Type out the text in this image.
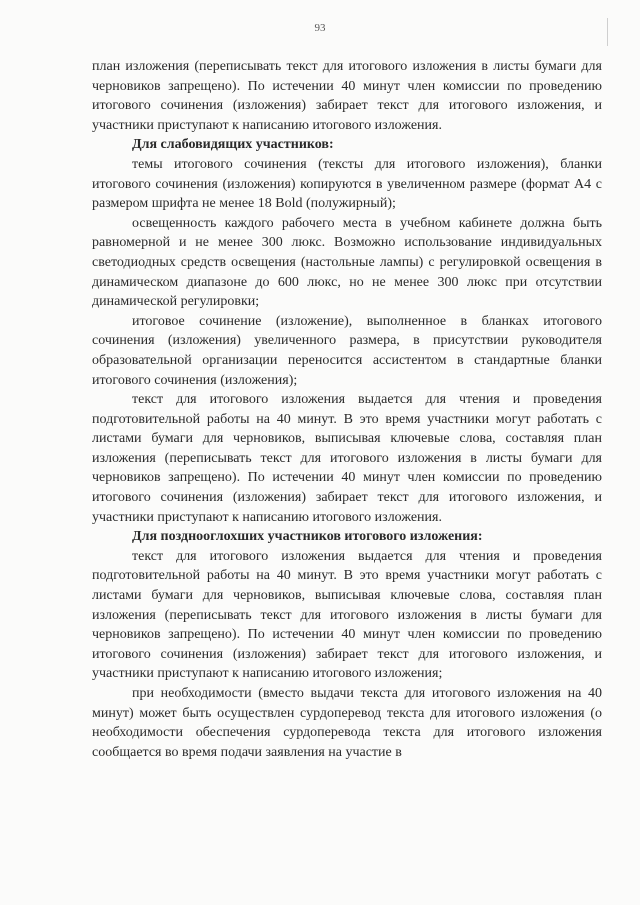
93

план изложения (переписывать текст для итогового изложения в листы бумаги для черновиков запрещено). По истечении 40 минут член комиссии по проведению итогового сочинения (изложения) забирает текст для итогового изложения, и участники приступают к написанию итогового изложения.

Для слабовидящих участников:

темы итогового сочинения (тексты для итогового изложения), бланки итогового сочинения (изложения) копируются в увеличенном размере (формат А4 с размером шрифта не менее 18 Bold (полужирный);

освещенность каждого рабочего места в учебном кабинете должна быть равномерной и не менее 300 люкс. Возможно использование индивидуальных светодиодных средств освещения (настольные лампы) с регулировкой освещения в динамическом диапазоне до 600 люкс, но не менее 300 люкс при отсутствии динамической регулировки;

итоговое сочинение (изложение), выполненное в бланках итогового сочинения (изложения) увеличенного размера, в присутствии руководителя образовательной организации переносится ассистентом в стандартные бланки итогового сочинения (изложения);

текст для итогового изложения выдается для чтения и проведения подготовительной работы на 40 минут. В это время участники могут работать с листами бумаги для черновиков, выписывая ключевые слова, составляя план изложения (переписывать текст для итогового изложения в листы бумаги для черновиков запрещено). По истечении 40 минут член комиссии по проведению итогового сочинения (изложения) забирает текст для итогового изложения, и участники приступают к написанию итогового изложения.

Для позднооглохших участников итогового изложения:

текст для итогового изложения выдается для чтения и проведения подготовительной работы на 40 минут. В это время участники могут работать с листами бумаги для черновиков, выписывая ключевые слова, составляя план изложения (переписывать текст для итогового изложения в листы бумаги для черновиков запрещено). По истечении 40 минут член комиссии по проведению итогового сочинения (изложения) забирает текст для итогового изложения, и участники приступают к написанию итогового изложения;

при необходимости (вместо выдачи текста для итогового изложения на 40 минут) может быть осуществлен сурдоперевод текста для итогового изложения (о необходимости обеспечения сурдоперевода текста для итогового изложения сообщается во время подачи заявления на участие в
